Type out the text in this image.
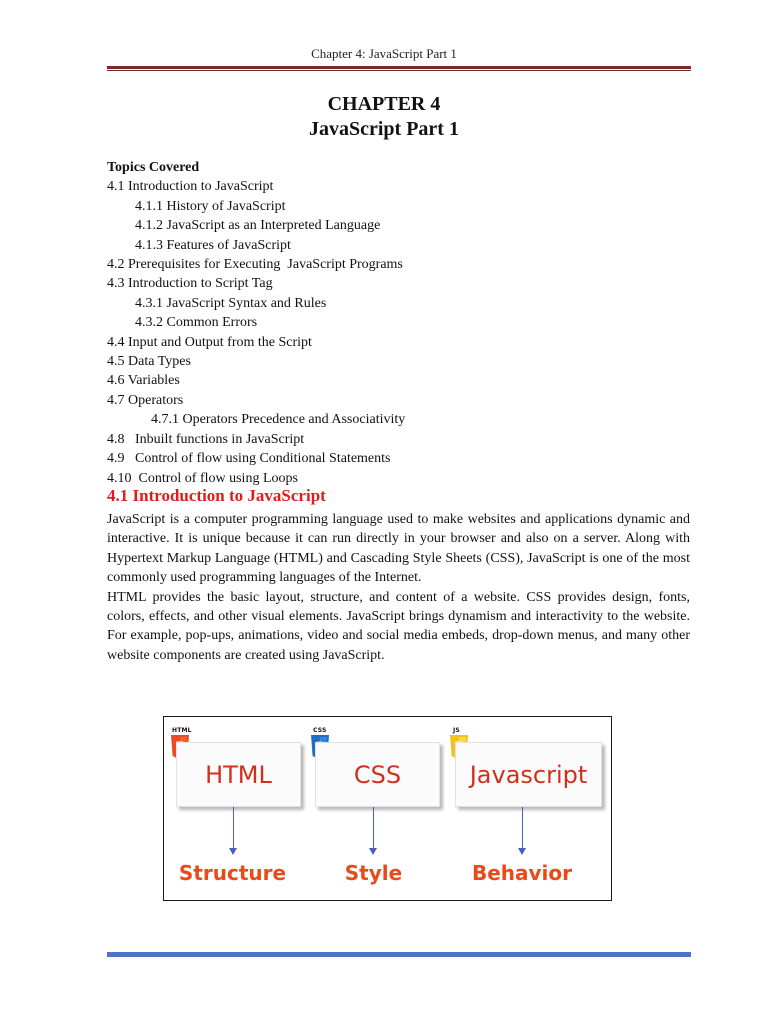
Chapter 4: JavaScript Part 1
CHAPTER 4
JavaScript Part 1
Topics Covered
4.1 Introduction to JavaScript
4.1.1 History of JavaScript
4.1.2 JavaScript as an Interpreted Language
4.1.3 Features of JavaScript
4.2 Prerequisites for Executing  JavaScript Programs
4.3 Introduction to Script Tag
4.3.1 JavaScript Syntax and Rules
4.3.2 Common Errors
4.4 Input and Output from the Script
4.5 Data Types
4.6 Variables
4.7 Operators
4.7.1 Operators Precedence and Associativity
4.8   Inbuilt functions in JavaScript
4.9   Control of flow using Conditional Statements
4.10  Control of flow using Loops
4.1 Introduction to JavaScript

JavaScript is a computer programming language used to make websites and applications dynamic and interactive. It is unique because it can run directly in your browser and also on a server. Along with Hypertext Markup Language (HTML) and Cascading Style Sheets (CSS), JavaScript is one of the most commonly used programming languages of the Internet.

HTML provides the basic layout, structure, and content of a website. CSS provides design, fonts, colors, effects, and other visual elements. JavaScript brings dynamism and interactivity to the website. For example, pop-ups, animations, video and social media embeds, drop-down menus, and many other website components are created using JavaScript.

HTML
HTML
Structure
CSS
CSS
Style
JS
Javascript
Behavior
